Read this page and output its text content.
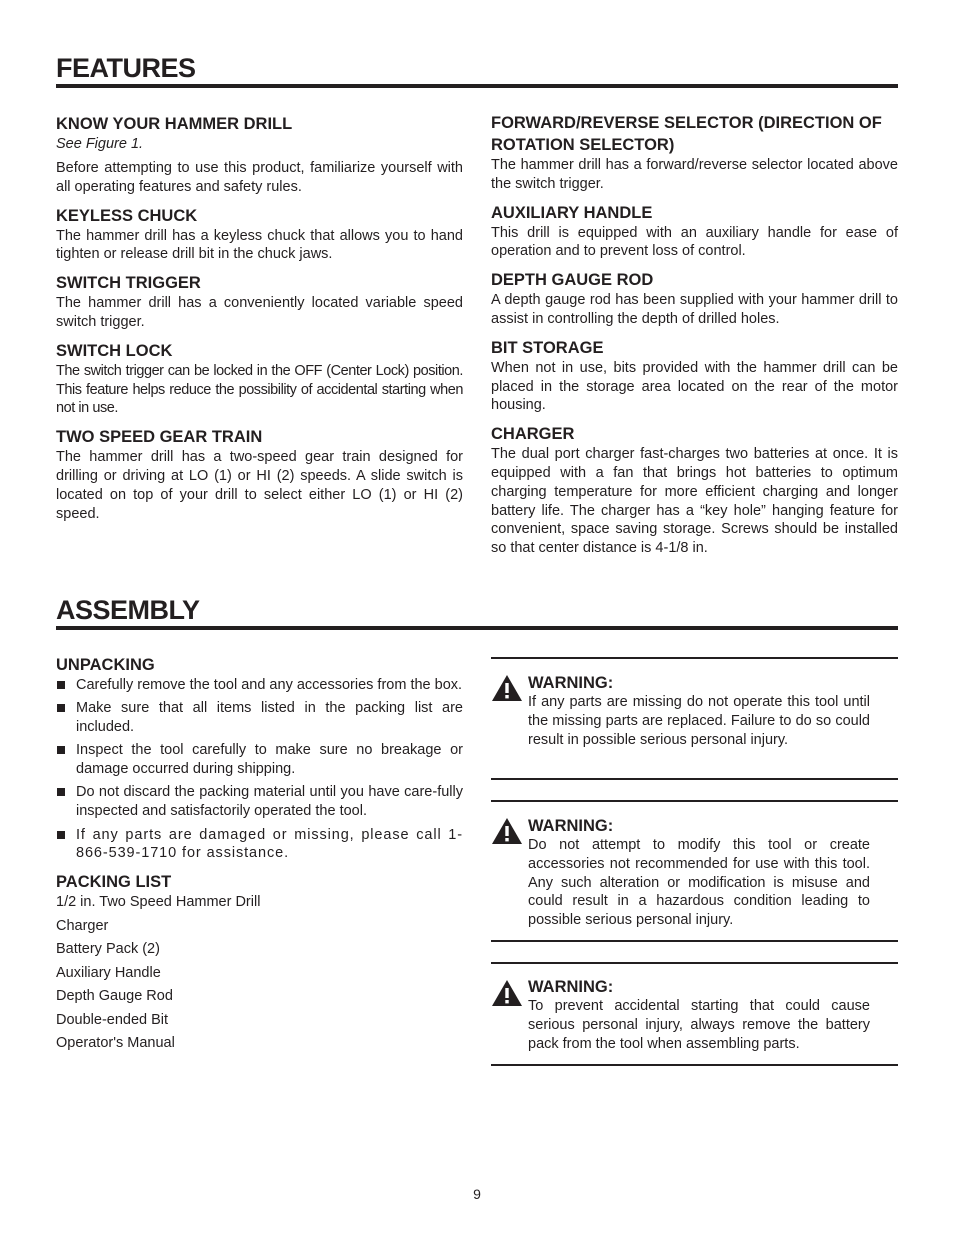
FEATURES

KNOW YOUR HAMMER DRILL

See Figure 1.

Before attempting to use this product, familiarize yourself with all operating features and safety rules.

KEYLESS CHUCK

The hammer drill has a keyless chuck that allows you to hand tighten or release drill bit in the chuck jaws.

SWITCH TRIGGER

The hammer drill has a conveniently located variable speed switch trigger.

SWITCH LOCK

The switch trigger can be locked in the OFF (Center Lock) position. This feature helps reduce the possibility of accidental starting when not in use.

TWO SPEED GEAR TRAIN

The hammer drill has a two-speed gear train designed for drilling or driving at LO (1) or HI (2) speeds. A slide switch is located on top of your drill to select either LO (1) or HI (2) speed.

FORWARD/REVERSE SELECTOR (DIRECTION OF ROTATION SELECTOR)

The hammer drill has a forward/reverse selector located above the switch trigger.

AUXILIARY HANDLE

This drill is equipped with an auxiliary handle for ease of operation and to prevent loss of control.

DEPTH GAUGE ROD

A depth gauge rod has been supplied with your hammer drill to assist in controlling the depth of drilled holes.

BIT STORAGE

When not in use, bits provided with the hammer drill can be placed in the storage area located on the rear of the motor housing.

CHARGER

The dual port charger fast-charges two batteries at once. It is equipped with a fan that brings hot batteries to optimum charging temperature for more efficient charging and longer battery life. The charger has a “key hole” hanging feature for convenient, space saving storage. Screws should be installed so that center distance is 4-1/8 in.

ASSEMBLY

UNPACKING

Carefully remove the tool and any accessories from the box.
Make sure that all items listed in the packing list are included.
Inspect the tool carefully to make sure no breakage or damage occurred during shipping.
Do not discard the packing material until you have care-fully inspected and satisfactorily operated the tool.
If any parts are damaged or missing, please call 1-866-539-1710 for assistance.

PACKING LIST

1/2 in. Two Speed Hammer Drill

Charger

Battery Pack (2)

Auxiliary Handle

Depth Gauge Rod

Double-ended Bit

Operator's Manual

WARNING:

If any parts are missing do not operate this tool until the missing parts are replaced. Failure to do so could result in possible serious personal injury.

WARNING:

Do not attempt to modify this tool or create accessories not recommended for use with this tool. Any such alteration or modification is misuse and could result in a hazardous condition leading to possible serious personal injury.

WARNING:

To prevent accidental starting that could cause serious personal injury, always remove the battery pack from the tool when assembling parts.

9
